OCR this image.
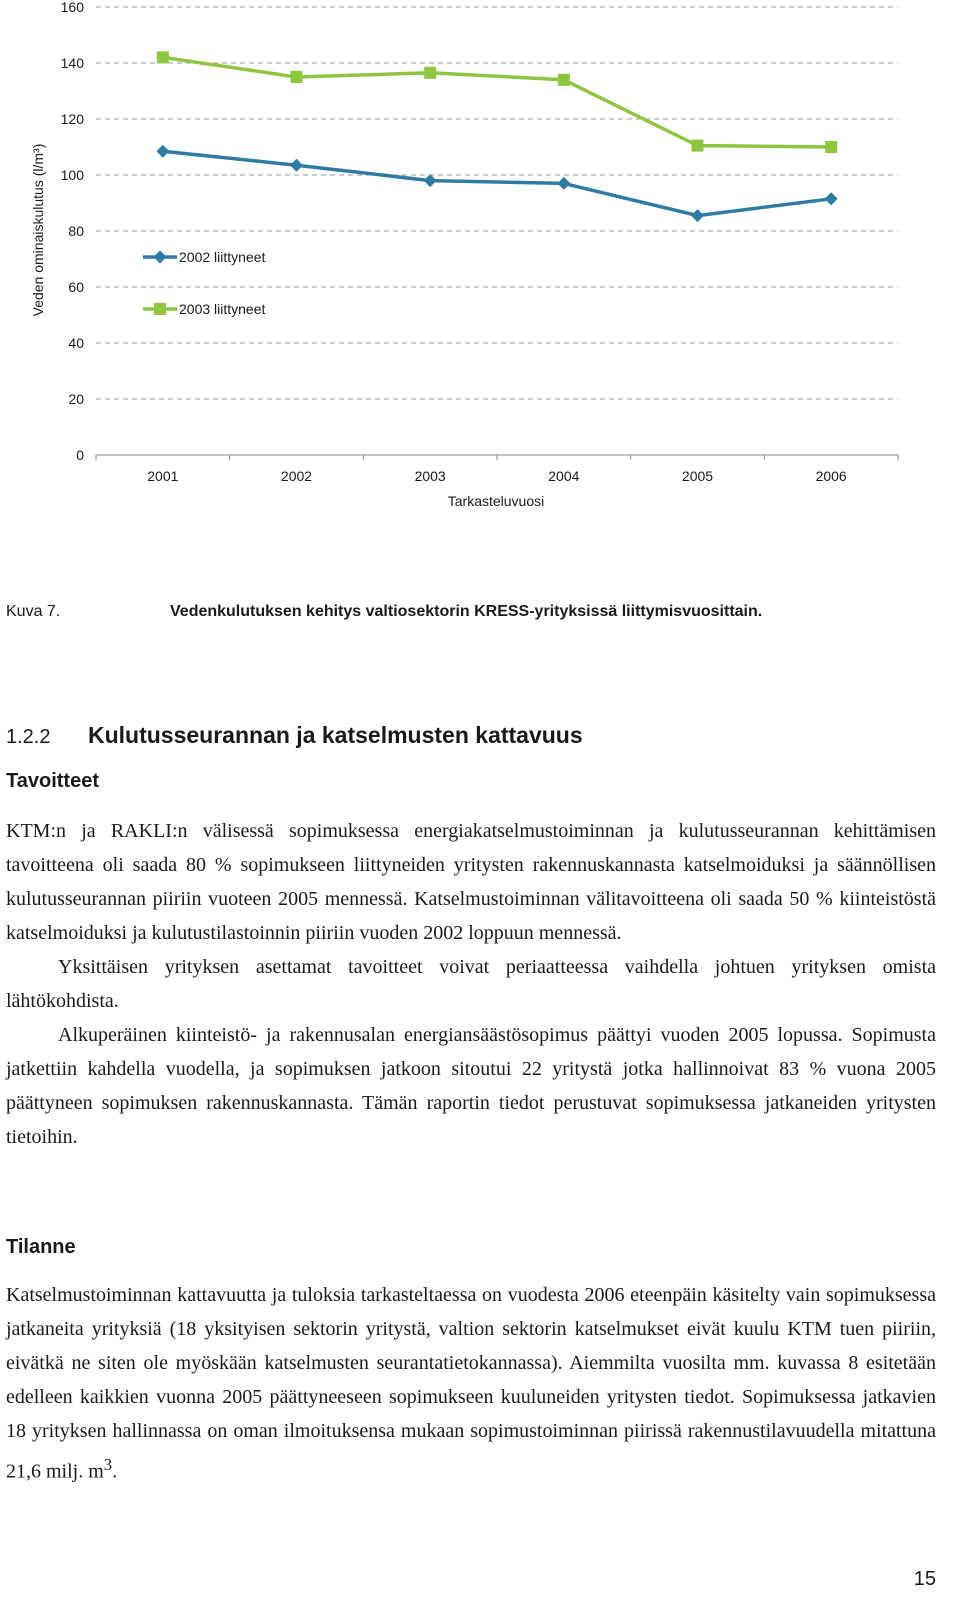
0
20
40
60
80
100
120
140
160
2001	2002	2003	2004	2005	2006
2002 liittyneet
2003 liittyneet
Veden ominaiskulutus (l/m³)
Tarkasteluvuosi
Kuva 7.	Vedenkulutuksen kehitys valtiosektorin KRESS-yrityksissä liittymisvuosittain.
1.2.2 Kulutusseurannan ja katselmusten kattavuus
Tavoitteet

KTM:n ja RAKLI:n välisessä sopimuksessa energiakatselmustoiminnan ja kulutusseurannan kehittämisen tavoitteena oli saada 80 % sopimukseen liittyneiden yritysten rakennuskannasta katselmoiduksi ja säännöllisen kulutusseurannan piiriin vuoteen 2005 mennessä. Katselmustoiminnan välitavoitteena oli saada 50 % kiinteistöstä katselmoiduksi ja kulutustilastoinnin piiriin vuoden 2002 loppuun mennessä.

Yksittäisen yrityksen asettamat tavoitteet voivat periaatteessa vaihdella johtuen yrityksen omista lähtökohdista.

Alkuperäinen kiinteistö- ja rakennusalan energiansäästösopimus päättyi vuoden 2005 lopussa. Sopimusta jatkettiin kahdella vuodella, ja sopimuksen jatkoon sitoutui 22 yritystä jotka hallinnoivat 83 % vuona 2005 päättyneen sopimuksen rakennuskannasta. Tämän raportin tiedot perustuvat sopimuksessa jatkaneiden yritysten tietoihin.

Tilanne

Katselmustoiminnan kattavuutta ja tuloksia tarkasteltaessa on vuodesta 2006 eteenpäin käsitelty vain sopimuksessa jatkaneita yrityksiä (18 yksityisen sektorin yritystä, valtion sektorin katselmukset eivät kuulu KTM tuen piiriin, eivätkä ne siten ole myöskään katselmusten seurantatietokannassa). Aiemmilta vuosilta mm. kuvassa 8 esitetään edelleen kaikkien vuonna 2005 päättyneeseen sopimukseen kuuluneiden yritysten tiedot. Sopimuksessa jatkavien 18 yrityksen hallinnassa on oman ilmoituksensa mukaan sopimustoiminnan piirissä rakennustilavuudella mitattuna 21,6 milj. $m^3$.

15
